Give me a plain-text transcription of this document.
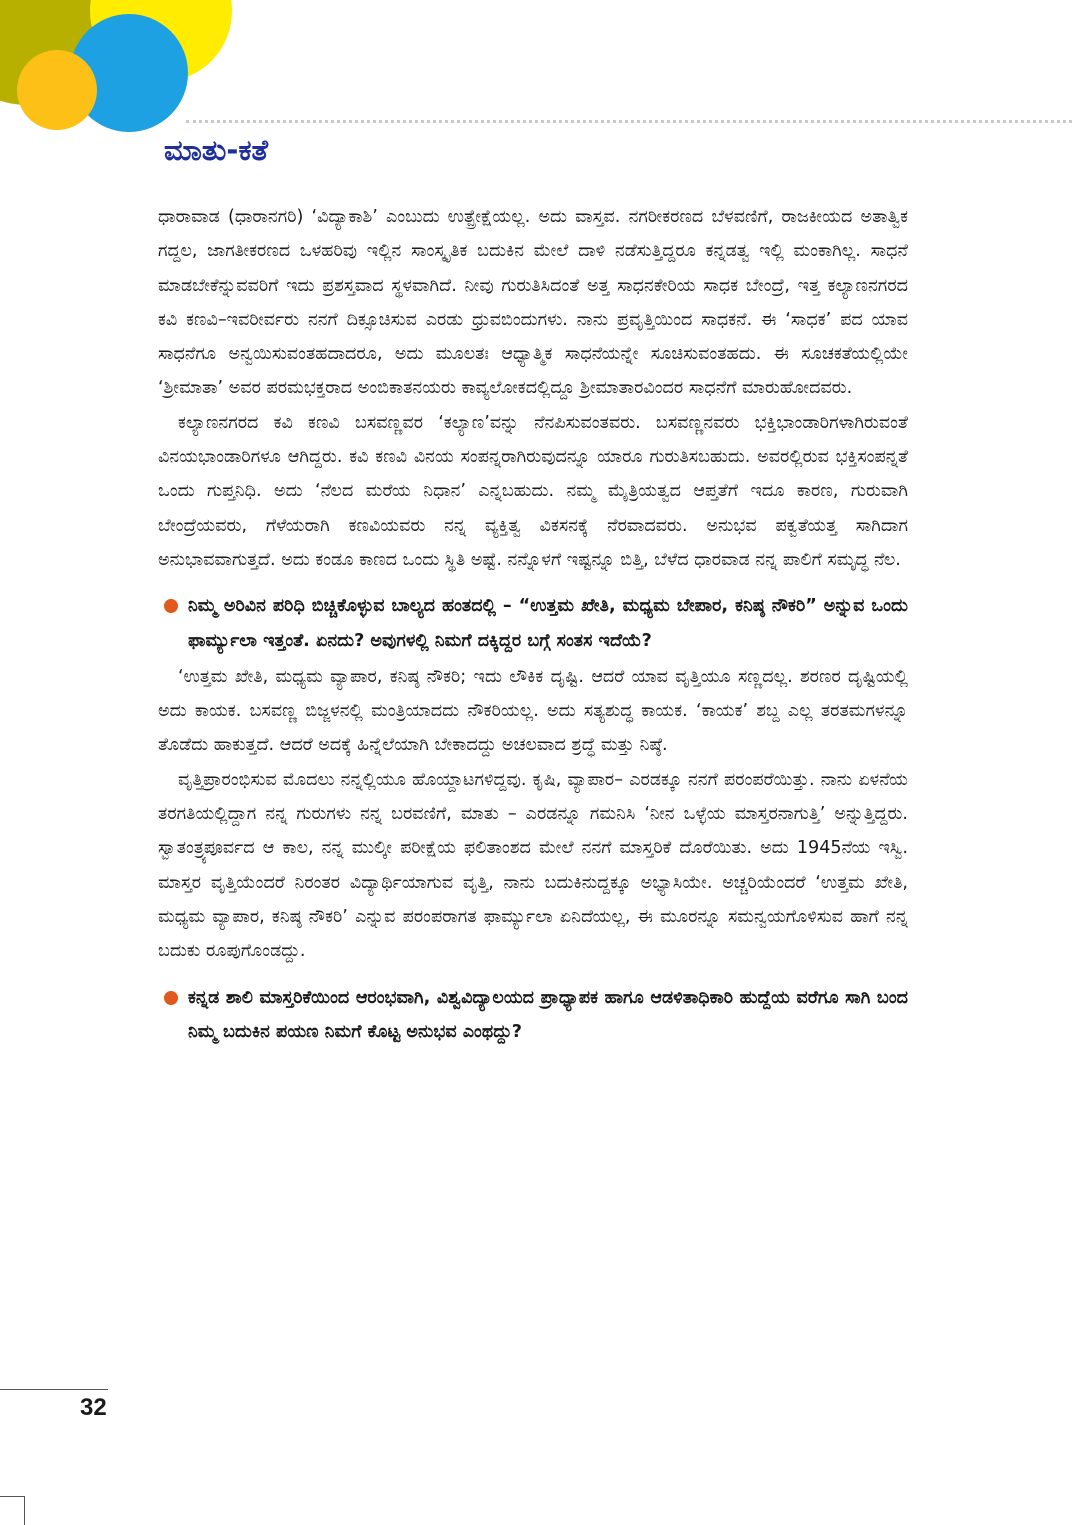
ಮಾತು-ಕತೆ

ಧಾರಾವಾಡ (ಧಾರಾನಗರಿ) ‘ವಿದ್ಯಾಕಾಶಿ’ ಎಂಬುದು ಉತ್ಪ್ರೇಕ್ಷೆಯಲ್ಲ. ಅದು ವಾಸ್ತವ. ನಗರೀಕರಣದ ಬೆಳವಣಿಗೆ, ರಾಜಕೀಯದ ಅತಾತ್ವಿಕ ಗದ್ದಲ, ಜಾಗತೀಕರಣದ ಒಳಹರಿವು ಇಲ್ಲಿನ ಸಾಂಸ್ಕೃತಿಕ ಬದುಕಿನ ಮೇಲೆ ದಾಳಿ ನಡೆಸುತ್ತಿದ್ದರೂ ಕನ್ನಡತ್ವ ಇಲ್ಲಿ ಮಂಕಾಗಿಲ್ಲ. ಸಾಧನೆ ಮಾಡಬೇಕೆನ್ನುವವರಿಗೆ ಇದು ಪ್ರಶಸ್ತವಾದ ಸ್ಥಳವಾಗಿದೆ. ನೀವು ಗುರುತಿಸಿದಂತೆ ಅತ್ತ ಸಾಧನಕೇರಿಯ ಸಾಧಕ ಬೇಂದ್ರೆ, ಇತ್ತ ಕಲ್ಯಾಣನಗರದ ಕವಿ ಕಣವಿ–ಇವರೀರ್ವರು ನನಗೆ ದಿಕ್ಸೂಚಿಸುವ ಎರಡು ಧ್ರುವಬಿಂದುಗಳು. ನಾನು ಪ್ರವೃತ್ತಿಯಿಂದ ಸಾಧಕನೆ. ಈ ‘ಸಾಧಕ’ ಪದ ಯಾವ ಸಾಧನೆಗೂ ಅನ್ವಯಿಸುವಂತಹದಾದರೂ, ಅದು ಮೂಲತಃ ಆಧ್ಯಾತ್ಮಿಕ ಸಾಧನೆಯನ್ನೇ ಸೂಚಿಸುವಂತಹದು. ಈ ಸೂಚಕತೆಯಲ್ಲಿಯೇ ‘ಶ್ರೀಮಾತಾ’ ಅವರ ಪರಮಭಕ್ತರಾದ ಅಂಬಿಕಾತನಯರು ಕಾವ್ಯಲೋಕದಲ್ಲಿದ್ದೂ ಶ್ರೀಮಾತಾರವಿಂದರ ಸಾಧನೆಗೆ ಮಾರುಹೋದವರು.

ಕಲ್ಯಾಣನಗರದ ಕವಿ ಕಣವಿ ಬಸವಣ್ಣವರ ‘ಕಲ್ಯಾಣ’ವನ್ನು ನೆನಪಿಸುವಂತವರು. ಬಸವಣ್ಣನವರು ಭಕ್ತಿಭಾಂಡಾರಿಗಳಾಗಿರುವಂತೆ ವಿನಯಭಾಂಡಾರಿಗಳೂ ಆಗಿದ್ದರು. ಕವಿ ಕಣವಿ ವಿನಯ ಸಂಪನ್ನರಾಗಿರುವುದನ್ನೂ ಯಾರೂ ಗುರುತಿಸಬಹುದು. ಅವರಲ್ಲಿರುವ ಭಕ್ತಿಸಂಪನ್ನತೆ ಒಂದು ಗುಪ್ತನಿಧಿ. ಅದು ‘ನೆಲದ ಮರೆಯ ನಿಧಾನ’ ಎನ್ನಬಹುದು. ನಮ್ಮ ಮೈತ್ರಿಯತ್ವದ ಆಪ್ತತೆಗೆ ಇದೂ ಕಾರಣ, ಗುರುವಾಗಿ ಬೇಂದ್ರೆಯವರು, ಗೆಳೆಯರಾಗಿ ಕಣವಿಯವರು ನನ್ನ ವ್ಯಕ್ತಿತ್ವ ವಿಕಸನಕ್ಕೆ ನೆರವಾದವರು. ಅನುಭವ ಪಕ್ವತೆಯತ್ತ ಸಾಗಿದಾಗ ಅನುಭಾವವಾಗುತ್ತದೆ. ಅದು ಕಂಡೂ ಕಾಣದ ಒಂದು ಸ್ಥಿತಿ ಅಷ್ಟೆ. ನನ್ನೊಳಗೆ ಇಷ್ಟನ್ನೂ ಬಿತ್ತಿ, ಬೆಳೆದ ಧಾರವಾಡ ನನ್ನ ಪಾಲಿಗೆ ಸಮೃದ್ಧ ನೆಲ.

ನಿಮ್ಮ ಅರಿವಿನ ಪರಿಧಿ ಬಿಚ್ಚಿಕೊಳ್ಳುವ ಬಾಲ್ಯದ ಹಂತದಲ್ಲಿ – “ಉತ್ತಮ ಖೇತಿ, ಮಧ್ಯಮ ಬೇಪಾರ, ಕನಿಷ್ಠ ನೌಕರಿ” ಅನ್ನುವ ಒಂದು ಫಾರ್ಮ್ಯುಲಾ ಇತ್ತಂತೆ. ಏನದು? ಅವುಗಳಲ್ಲಿ ನಿಮಗೆ ದಕ್ಕಿದ್ದರ ಬಗ್ಗೆ ಸಂತಸ ಇದೆಯೆ?

‘ಉತ್ತಮ ಖೇತಿ, ಮಧ್ಯಮ ವ್ಯಾಪಾರ, ಕನಿಷ್ಠ ನೌಕರಿ; ಇದು ಲೌಕಿಕ ದೃಷ್ಟಿ. ಆದರೆ ಯಾವ ವೃತ್ತಿಯೂ ಸಣ್ಣದಲ್ಲ. ಶರಣರ ದೃಷ್ಟಿಯಲ್ಲಿ ಅದು ಕಾಯಕ. ಬಸವಣ್ಣ ಬಿಜ್ಜಳನಲ್ಲಿ ಮಂತ್ರಿಯಾದದು ನೌಕರಿಯಲ್ಲ. ಅದು ಸತ್ಯಶುದ್ಧ ಕಾಯಕ. ‘ಕಾಯಕ’ ಶಬ್ದ ಎಲ್ಲ ತರತಮಗಳನ್ನೂ ತೊಡೆದು ಹಾಕುತ್ತದೆ. ಆದರೆ ಅದಕ್ಕೆ ಹಿನ್ನೆಲೆಯಾಗಿ ಬೇಕಾದದ್ದು ಅಚಲವಾದ ಶ್ರದ್ಧೆ ಮತ್ತು ನಿಷ್ಠೆ.

ವೃತ್ತಿಪ್ರಾರಂಭಿಸುವ ಮೊದಲು ನನ್ನಲ್ಲಿಯೂ ಹೊಯ್ದಾಟಗಳಿದ್ದವು. ಕೃಷಿ, ವ್ಯಾಪಾರ– ಎರಡಕ್ಕೂ ನನಗೆ ಪರಂಪರೆಯಿತ್ತು. ನಾನು ಏಳನೆಯ ತರಗತಿಯಲ್ಲಿದ್ದಾಗ ನನ್ನ ಗುರುಗಳು ನನ್ನ ಬರವಣಿಗೆ, ಮಾತು – ಎರಡನ್ನೂ ಗಮನಿಸಿ ‘ನೀನ ಒಳ್ಳೆಯ ಮಾಸ್ತರನಾಗುತ್ತಿ’ ಅನ್ನುತ್ತಿದ್ದರು. ಸ್ವಾತಂತ್ರ್ಯಪೂರ್ವದ ಆ ಕಾಲ, ನನ್ನ ಮುಲ್ಕೀ ಪರೀಕ್ಷೆಯ ಫಲಿತಾಂಶದ ಮೇಲೆ ನನಗೆ ಮಾಸ್ತರಿಕೆ ದೊರೆಯಿತು. ಅದು 1945ನೆಯ ಇಸ್ವಿ. ಮಾಸ್ತರ ವೃತ್ತಿಯೆಂದರೆ ನಿರಂತರ ವಿದ್ಯಾರ್ಥಿಯಾಗುವ ವೃತ್ತಿ, ನಾನು ಬದುಕಿನುದ್ದಕ್ಕೂ ಅಭ್ಯಾಸಿಯೇ. ಅಚ್ಚರಿಯೆಂದರೆ ‘ಉತ್ತಮ ಖೇತಿ, ಮಧ್ಯಮ ವ್ಯಾಪಾರ, ಕನಿಷ್ಠ ನೌಕರಿ’ ಎನ್ನುವ ಪರಂಪರಾಗತ ಫಾರ್ಮ್ಯುಲಾ ಏನಿದೆಯಲ್ಲ, ಈ ಮೂರನ್ನೂ ಸಮನ್ವಯಗೊಳಿಸುವ ಹಾಗೆ ನನ್ನ ಬದುಕು ರೂಪುಗೊಂಡದ್ದು.

ಕನ್ನಡ ಶಾಲಿ ಮಾಸ್ತರಿಕೆಯಿಂದ ಆರಂಭವಾಗಿ, ವಿಶ್ವವಿದ್ಯಾಲಯದ ಪ್ರಾಧ್ಯಾಪಕ ಹಾಗೂ ಆಡಳಿತಾಧಿಕಾರಿ ಹುದ್ದೆಯ ವರೆಗೂ ಸಾಗಿ ಬಂದ ನಿಮ್ಮ ಬದುಕಿನ ಪಯಣ ನಿಮಗೆ ಕೊಟ್ಟ ಅನುಭವ ಎಂಥದ್ದು?
32
